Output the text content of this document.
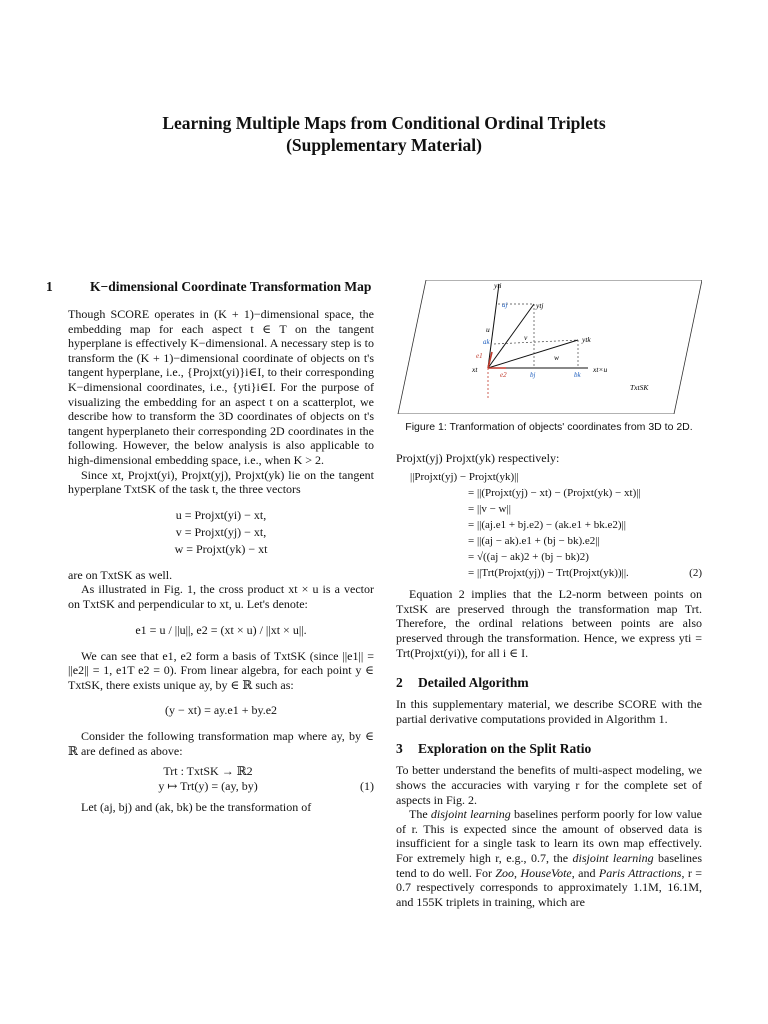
Learning Multiple Maps from Conditional Ordinal Triplets
(Supplementary Material)
1	K−dimensional Coordinate Transformation Map

Though SCORE operates in (K + 1)−dimensional space, the embedding map for each aspect t ∈ T on the tangent hyperplane is effectively K−dimensional. A necessary step is to transform the (K + 1)−dimensional coordinate of objects on t's tangent hyperplane, i.e., {Projxt(yi)}i∈I, to their corresponding K−dimensional coordinates, i.e., {yti}i∈I. For the purpose of visualizing the embedding for an aspect t on a scatterplot, we describe how to transform the 3D coordinates of objects on t's tangent hyperplaneto their corresponding 2D coordinates in the following. However, the below analysis is also applicable to high-dimensional embedding space, i.e., when K > 2.

Since xt, Projxt(yi), Projxt(yj), Projxt(yk) lie on the tangent hyperplane TxtSK of the task t, the three vectors

u = Projxt(yi) − xt,
v = Projxt(yj) − xt,
w = Projxt(yk) − xt

are on TxtSK as well.

As illustrated in Fig. 1, the cross product xt × u is a vector on TxtSK and perpendicular to xt, u. Let's denote:

e1 = u / ||u||, e2 = (xt × u) / ||xt × u||.

We can see that e1, e2 form a basis of TxtSK (since ||e1|| = ||e2|| = 1, e1T e2 = 0). From linear algebra, for each point y ∈ TxtSK, there exists unique ay, by ∈ ℝ such as:

(y − xt) = ay.e1 + by.e2

Consider the following transformation map where ay, by ∈ ℝ are defined as above:

Trt : TxtSK → ℝ2
y ↦ Trt(y) = (ay, by)	(1)

Let (aj, bj) and (ak, bk) be the transformation of

yti
ytj
ytk
aj
ak
u
v
w
e1
e2	bj	bk
xt	xt×u
TxtSK
Figure 1: Tranformation of objects' coordinates from 3D to 2D.

Projxt(yj) Projxt(yk) respectively:

||Projxt(yj) − Projxt(yk)||
= ||(Projxt(yj) − xt) − (Projxt(yk) − xt)||
= ||v − w||
= ||(aj.e1 + bj.e2) − (ak.e1 + bk.e2)||
= ||(aj − ak).e1 + (bj − bk).e2||
= √((aj − ak)2 + (bj − bk)2)
= ||Trt(Projxt(yj)) − Trt(Projxt(yk))||.	(2)

Equation 2 implies that the L2-norm between points on TxtSK are preserved through the transformation map Trt. Therefore, the ordinal relations between points are also preserved through the transformation. Hence, we express yti = Trt(Projxt(yi)), for all i ∈ I.

2 Detailed Algorithm

In this supplementary material, we describe SCORE with the partial derivative computations provided in Algorithm 1.

3 Exploration on the Split Ratio

To better understand the benefits of multi-aspect modeling, we shows the accuracies with varying r for the complete set of aspects in Fig. 2.

The disjoint learning baselines perform poorly for low value of r. This is expected since the amount of observed data is insufficient for a single task to learn its own map effectively. For extremely high r, e.g., 0.7, the disjoint learning baselines tend to do well. For Zoo, HouseVote, and Paris Attractions, r = 0.7 respectively corresponds to approximately 1.1M, 16.1M, and 155K triplets in training, which are
